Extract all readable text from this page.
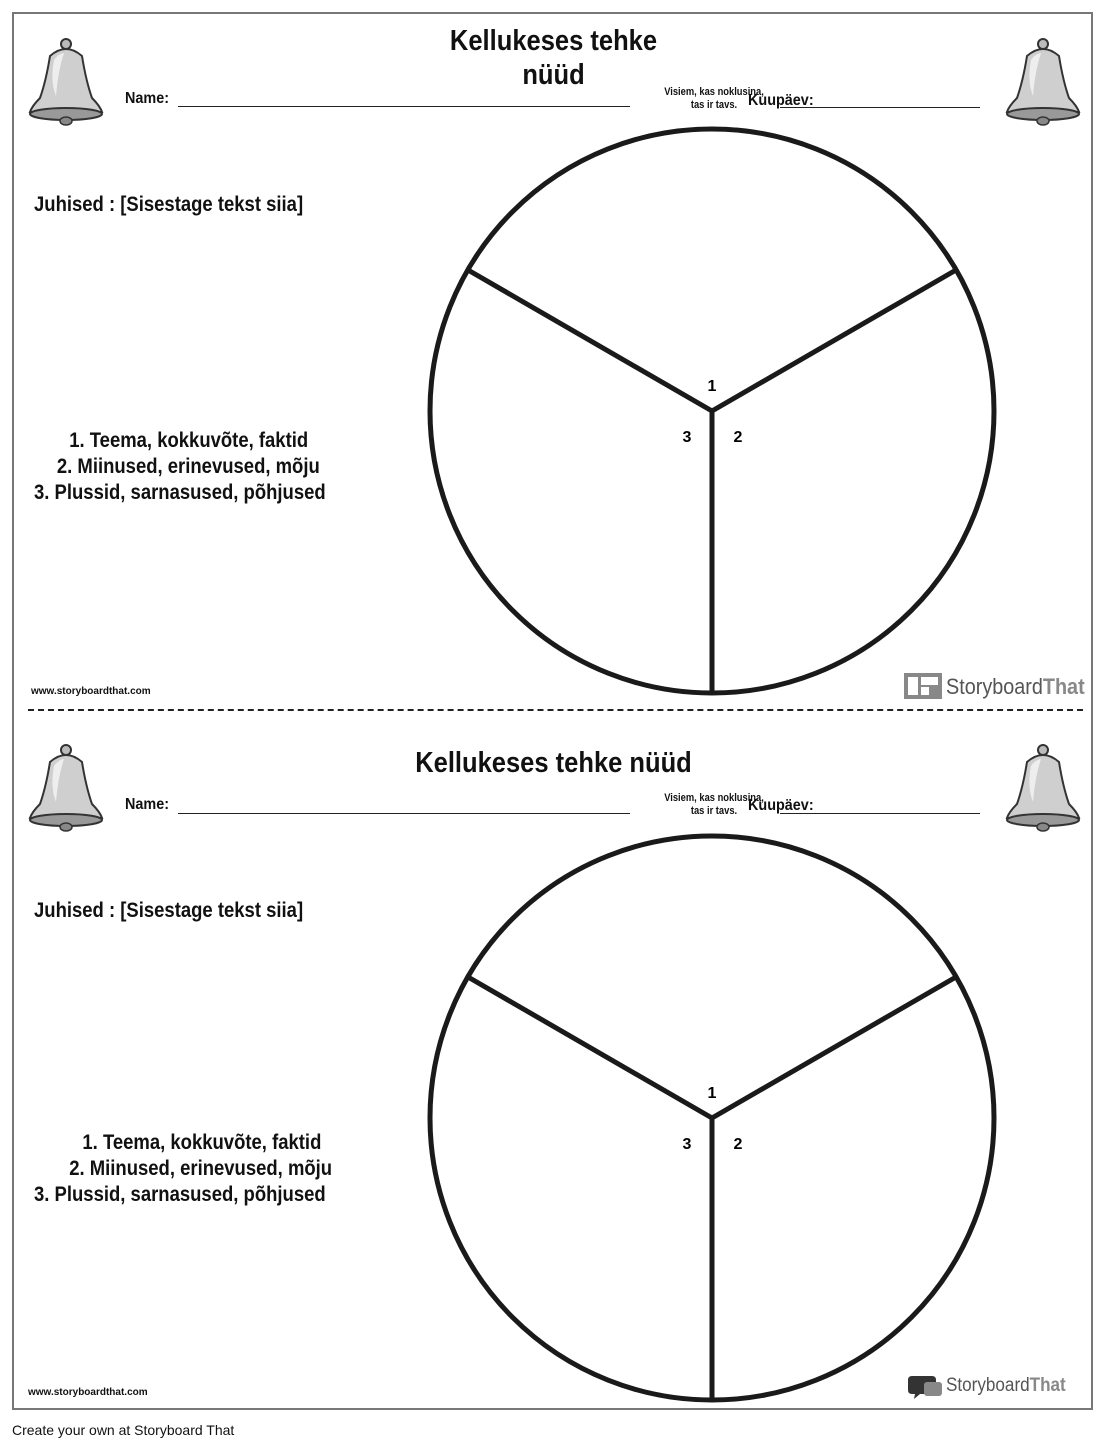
Kellukeses tehke
nüüd
Name:	Kuupäev:
Visiem, kas noklusina,
tas ir tavs.
Juhised : [Sisestage tekst siia]
1. Teema, kokkuvõte, faktid
2. Miinused, erinevused, mõju
3. Plussid, sarnasused, põhjused
1
2
3
www.storyboardthat.com	StoryboardThat
Kellukeses tehke nüüd
Name:	Kuupäev:
Visiem, kas noklusina,
tas ir tavs.
Juhised : [Sisestage tekst siia]
1. Teema, kokkuvõte, faktid
2. Miinused, erinevused, mõju
3. Plussid, sarnasused, põhjused
1
2
3
www.storyboardthat.com	StoryboardThat
Create your own at Storyboard That
